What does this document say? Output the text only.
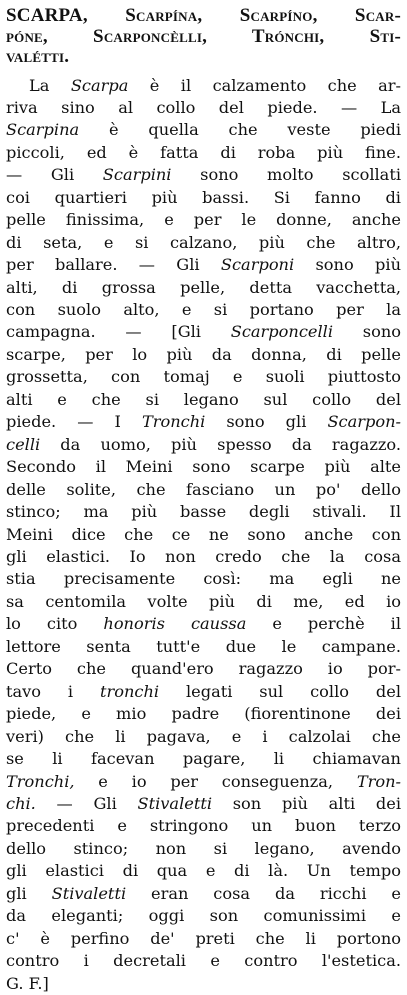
SCARPA, Scarpína, Scarpíno, Scar-
póne, Scarponcèlli, Trónchi, Sti-
valétti.
La Scarpa è il calzamento che ar-
riva sino al collo del piede. — La
Scarpina è quella che veste piedi
piccoli, ed è fatta di roba più fine.
— Gli Scarpini sono molto scollati
coi quartieri più bassi. Si fanno di
pelle finissima, e per le donne, anche
di seta, e si calzano, più che altro,
per ballare. — Gli Scarponi sono più
alti, di grossa pelle, detta vacchetta,
con suolo alto, e si portano per la
campagna. — [Gli Scarponcelli sono
scarpe, per lo più da donna, di pelle
grossetta, con tomaj e suoli piuttosto
alti e che si legano sul collo del
piede. — I Tronchi sono gli Scarpon-
celli da uomo, più spesso da ragazzo.
Secondo il Meini sono scarpe più alte
delle solite, che fasciano un po' dello
stinco; ma più basse degli stivali. Il
Meini dice che ce ne sono anche con
gli elastici. Io non credo che la cosa
stia precisamente così: ma egli ne
sa centomila volte più di me, ed io
lo cito honoris caussa e perchè il
lettore senta tutt'e due le campane.
Certo che quand'ero ragazzo io por-
tavo i tronchi legati sul collo del
piede, e mio padre (fiorentinone dei
veri) che li pagava, e i calzolai che
se li facevan pagare, li chiamavan
Tronchi, e io per conseguenza, Tron-
chi. — Gli Stivaletti son più alti dei
precedenti e stringono un buon terzo
dello stinco; non si legano, avendo
gli elastici di qua e di là. Un tempo
gli Stivaletti eran cosa da ricchi e
da eleganti; oggi son comunissimi e
c' è perfino de' preti che li portono
contro i decretali e contro l'estetica.
G. F.]
